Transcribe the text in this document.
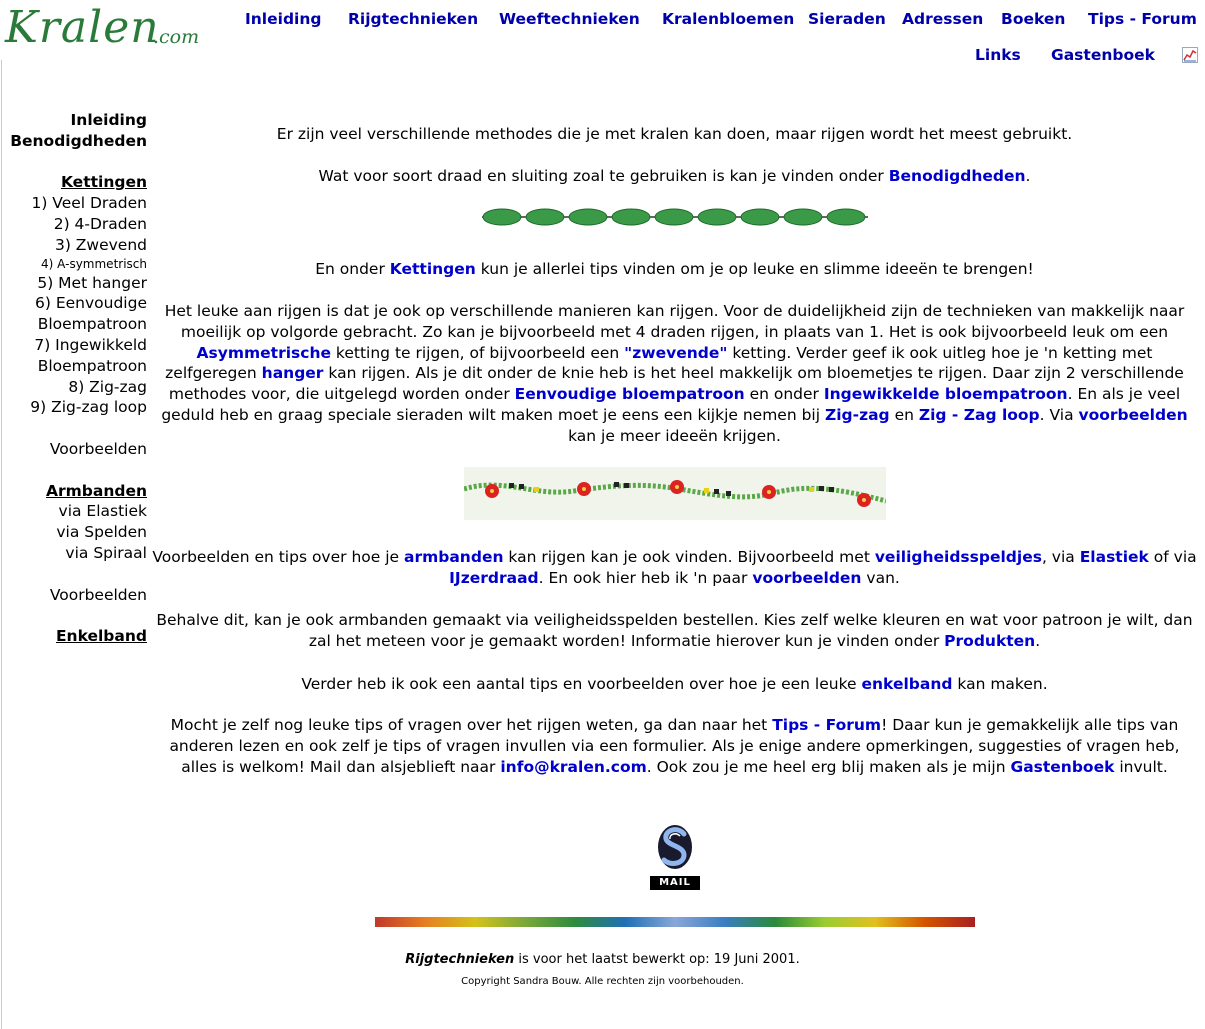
Kralen
.com
Inleiding Rijgtechnieken Weeftechnieken Kralenbloemen Sieraden Adressen Boeken Tips - Forum
Links Gastenboek
Inleiding
Benodigdheden
Kettingen
1) Veel Draden
2) 4-Draden
3) Zwevend
4) A-symmetrisch
5) Met hanger
6) Eenvoudige
Bloempatroon
7) Ingewikkeld
Bloempatroon
8) Zig-zag
9) Zig-zag loop
Voorbeelden
Armbanden
via Elastiek
via Spelden
via Spiraal
Voorbeelden
Enkelband

Er zijn veel verschillende methodes die je met kralen kan doen, maar rijgen wordt het meest gebruikt.

Wat voor soort draad en sluiting zoal te gebruiken is kan je vinden onder Benodigdheden.

En onder Kettingen kun je allerlei tips vinden om je op leuke en slimme ideeën te brengen!

Het leuke aan rijgen is dat je ook op verschillende manieren kan rijgen. Voor de duidelijkheid zijn de technieken van makkelijk naar moeilijk op volgorde gebracht. Zo kan je bijvoorbeeld met 4 draden rijgen, in plaats van 1. Het is ook bijvoorbeeld leuk om een Asymmetrische ketting te rijgen, of bijvoorbeeld een "zwevende" ketting. Verder geef ik ook uitleg hoe je 'n ketting met zelfgeregen hanger kan rijgen. Als je dit onder de knie heb is het heel makkelijk om bloemetjes te rijgen. Daar zijn 2 verschillende methodes voor, die uitgelegd worden onder Eenvoudige bloempatroon en onder Ingewikkelde bloempatroon. En als je veel geduld heb en graag speciale sieraden wilt maken moet je eens een kijkje nemen bij Zig-zag en Zig - Zag loop. Via voorbeelden kan je meer ideeën krijgen.

Voorbeelden en tips over hoe je armbanden kan rijgen kan je ook vinden. Bijvoorbeeld met veiligheidsspeldjes, via Elastiek of via IJzerdraad. En ook hier heb ik 'n paar voorbeelden van.

Behalve dit, kan je ook armbanden gemaakt via veiligheidsspelden bestellen. Kies zelf welke kleuren en wat voor patroon je wilt, dan zal het meteen voor je gemaakt worden! Informatie hierover kun je vinden onder Produkten.

Verder heb ik ook een aantal tips en voorbeelden over hoe je een leuke enkelband kan maken.

Mocht je zelf nog leuke tips of vragen over het rijgen weten, ga dan naar het Tips - Forum! Daar kun je gemakkelijk alle tips van anderen lezen en ook zelf je tips of vragen invullen via een formulier. Als je enige andere opmerkingen, suggesties of vragen heb, alles is welkom! Mail dan alsjeblieft naar info@kralen.com. Ook zou je me heel erg blij maken als je mijn Gastenboek invult.

MAIL
Rijgtechnieken is voor het laatst bewerkt op: 19 Juni 2001.
Copyright Sandra Bouw. Alle rechten zijn voorbehouden.
